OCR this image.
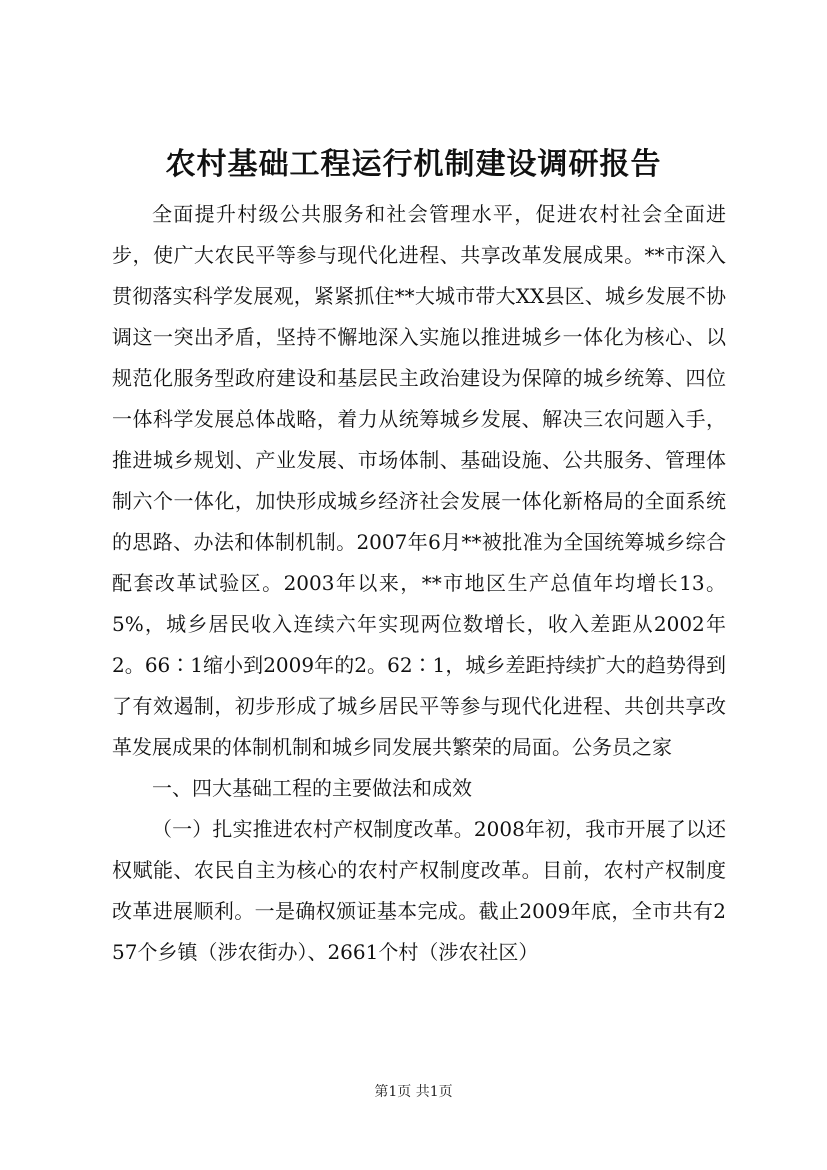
农村基础工程运行机制建设调研报告

全面提升村级公共服务和社会管理水平，促进农村社会全面进步，使广大农民平等参与现代化进程、共享改革发展成果。**市深入贯彻落实科学发展观，紧紧抓住**大城市带大XX县区、城乡发展不协调这一突出矛盾，坚持不懈地深入实施以推进城乡一体化为核心、以规范化服务型政府建设和基层民主政治建设为保障的城乡统筹、四位一体科学发展总体战略，着力从统筹城乡发展、解决三农问题入手，推进城乡规划、产业发展、市场体制、基础设施、公共服务、管理体制六个一体化，加快形成城乡经济社会发展一体化新格局的全面系统的思路、办法和体制机制。2007年6月**被批准为全国统筹城乡综合配套改革试验区。2003年以来，**市地区生产总值年均增长13。5%，城乡居民收入连续六年实现两位数增长，收入差距从2002年2。66∶1缩小到2009年的2。62∶1，城乡差距持续扩大的趋势得到了有效遏制，初步形成了城乡居民平等参与现代化进程、共创共享改革发展成果的体制机制和城乡同发展共繁荣的局面。公务员之家

一、四大基础工程的主要做法和成效

（一）扎实推进农村产权制度改革。2008年初，我市开展了以还权赋能、农民自主为核心的农村产权制度改革。目前，农村产权制度改革进展顺利。一是确权颁证基本完成。截止2009年底，全市共有257个乡镇（涉农街办）、2661个村（涉农社区）

第1页 共1页
